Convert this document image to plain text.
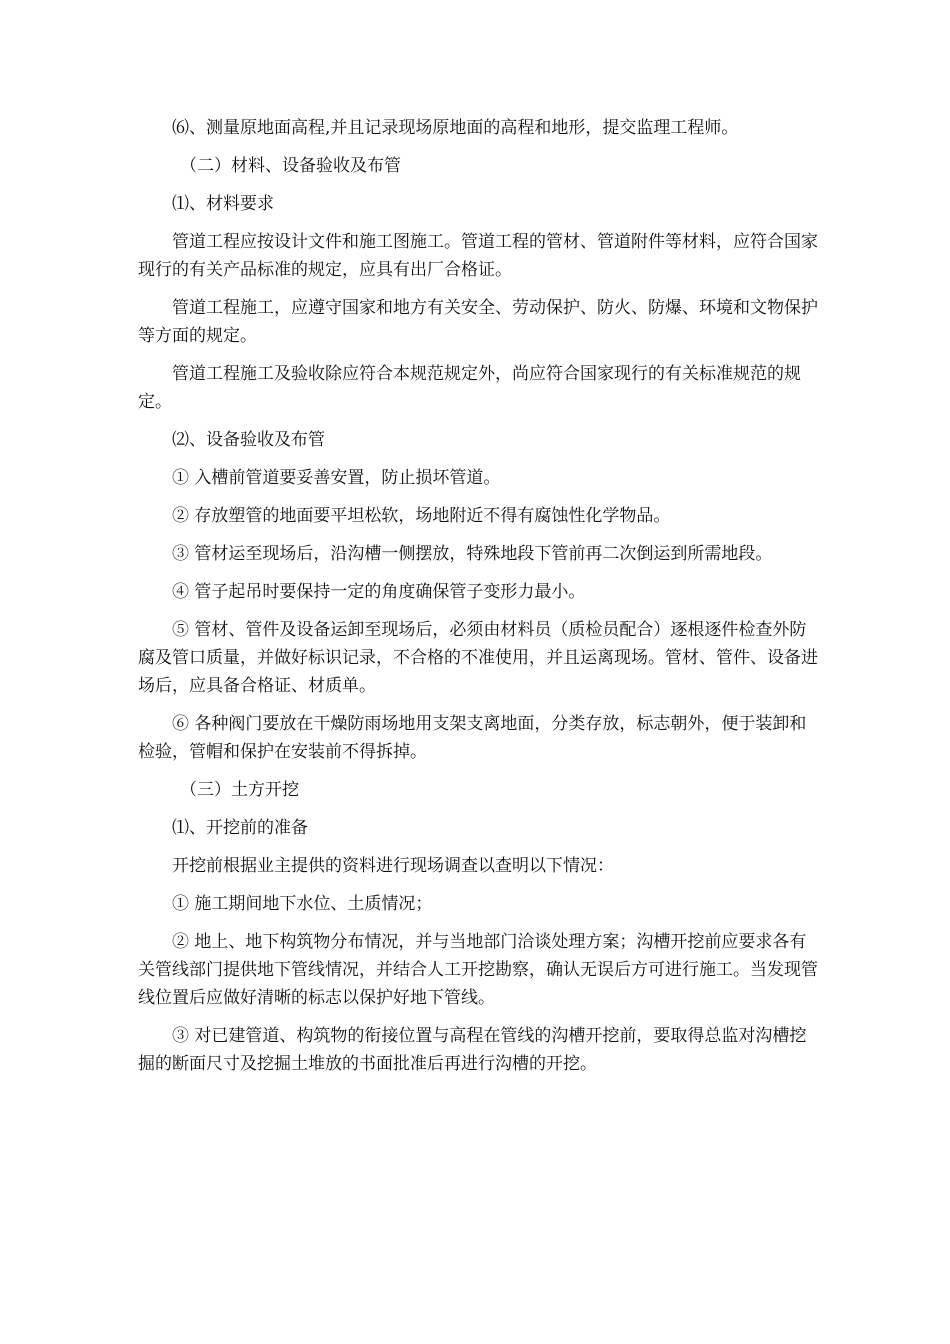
⑹、测量原地面高程,并且记录现场原地面的高程和地形，提交监理工程师。

（二）材料、设备验收及布管

⑴、材料要求

管道工程应按设计文件和施工图施工。管道工程的管材、管道附件等材料，应符合国家现行的有关产品标准的规定，应具有出厂合格证。

管道工程施工，应遵守国家和地方有关安全、劳动保护、防火、防爆、环境和文物保护等方面的规定。

管道工程施工及验收除应符合本规范规定外，尚应符合国家现行的有关标准规范的规定。

⑵、设备验收及布管

① 入槽前管道要妥善安置，防止损坏管道。

② 存放塑管的地面要平坦松软，场地附近不得有腐蚀性化学物品。

③ 管材运至现场后，沿沟槽一侧摆放，特殊地段下管前再二次倒运到所需地段。

④ 管子起吊时要保持一定的角度确保管子变形力最小。

⑤ 管材、管件及设备运卸至现场后，必须由材料员（质检员配合）逐根逐件检查外防腐及管口质量，并做好标识记录，不合格的不准使用，并且运离现场。管材、管件、设备进场后，应具备合格证、材质单。

⑥ 各种阀门要放在干燥防雨场地用支架支离地面，分类存放，标志朝外，便于装卸和检验，管帽和保护在安装前不得拆掉。

（三）土方开挖

⑴、开挖前的准备

开挖前根据业主提供的资料进行现场调查以查明以下情况：

① 施工期间地下水位、土质情况；

② 地上、地下构筑物分布情况，并与当地部门洽谈处理方案；沟槽开挖前应要求各有关管线部门提供地下管线情况，并结合人工开挖勘察，确认无误后方可进行施工。当发现管线位置后应做好清晰的标志以保护好地下管线。

③ 对已建管道、构筑物的衔接位置与高程在管线的沟槽开挖前，要取得总监对沟槽挖掘的断面尺寸及挖掘土堆放的书面批准后再进行沟槽的开挖。
